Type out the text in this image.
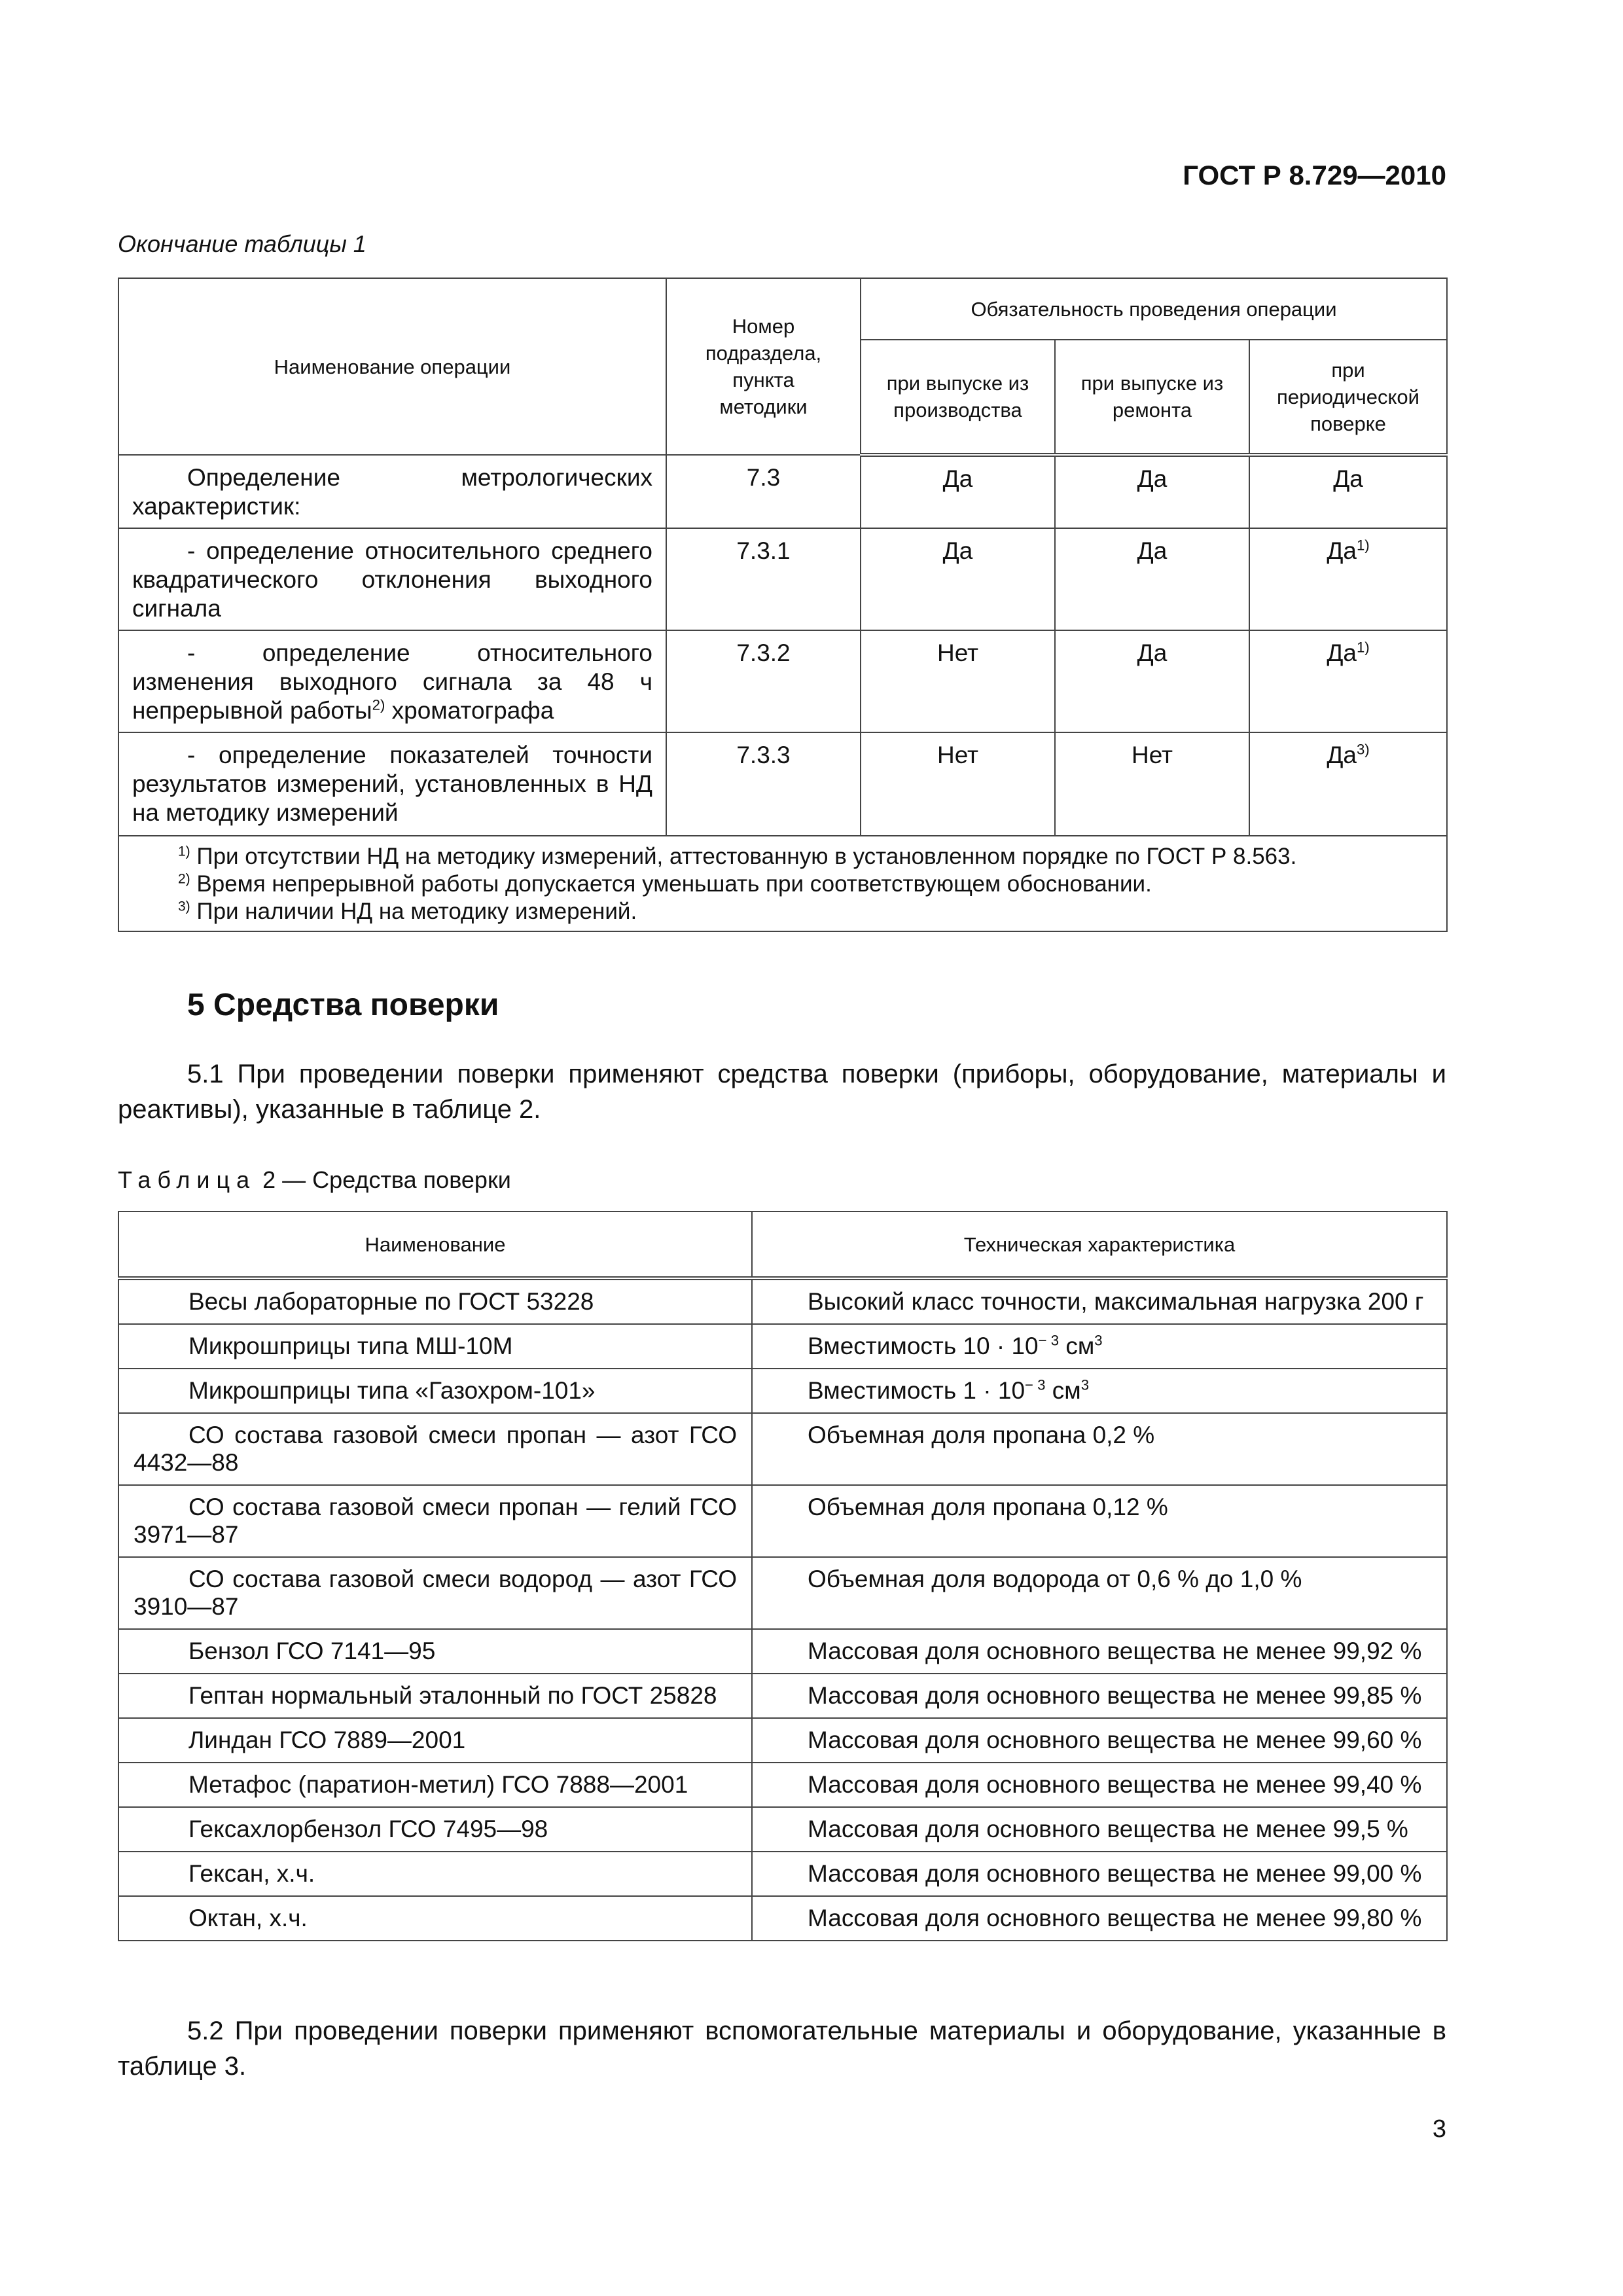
ГОСТ Р 8.729—2010
Окончание таблицы 1
Наименование операции	Номер подраздела, пункта методики	Обязательность проведения операции		
		при выпуске из производства	при выпуске из ремонта	при периодической поверке
Определение метрологических характеристик:	7.3	Да	Да	Да
- определение относительного среднего квадратического отклонения выходного сигнала	7.3.1	Да	Да	$Да^{1)}$
- определение относительного изменения выходного сигнала за 48 ч непрерывной работы$^{2)}$ хроматографа	7.3.2	Нет	Да	$Да^{1)}$
- определение показателей точности результатов измерений, установленных в НД на методику измерений	7.3.3	Нет	Нет	$Да^{3)}$

$^{1)}$ При отсутствии НД на методику измерений, аттестованную в установленном порядке по ГОСТ Р 8.563.
$^{2)}$ Время непрерывной работы допускается уменьшать при соответствующем обосновании.
$^{3)}$ При наличии НД на методику измерений.				
5 Средства поверки
5.1 При проведении поверки применяют средства поверки (приборы, оборудование, материалы и реактивы), указанные в таблице 2.
Таблица 2 — Средства поверки
Наименование	Техническая характеристика
Весы лабораторные по ГОСТ 53228	Высокий класс точности, максимальная нагрузка 200 г
Микрошприцы типа МШ-10М	Вместимость $10 \cdot 10^{- 3}$ $см^3$
Микрошприцы типа «Газохром-101»	Вместимость $1 \cdot 10^{- 3}$ $см^3$
СО состава газовой смеси пропан — азот ГСО 4432—88	Объемная доля пропана 0,2 %
СО состава газовой смеси пропан — гелий ГСО 3971—87	Объемная доля пропана 0,12 %
СО состава газовой смеси водород — азот ГСО 3910—87	Объемная доля водорода от 0,6 % до 1,0 %
Бензол ГСО 7141—95	Массовая доля основного вещества не менее 99,92 %
Гептан нормальный эталонный по ГОСТ 25828	Массовая доля основного вещества не менее 99,85 %
Линдан ГСО 7889—2001	Массовая доля основного вещества не менее 99,60 %
Метафос (паратион-метил) ГСО 7888—2001	Массовая доля основного вещества не менее 99,40 %
Гексахлорбензол ГСО 7495—98	Массовая доля основного вещества не менее 99,5 %
Гексан, х.ч.	Массовая доля основного вещества не менее 99,00 %
Октан, х.ч.	Массовая доля основного вещества не менее 99,80 %
5.2 При проведении поверки применяют вспомогательные материалы и оборудование, указанные в таблице 3.
3
